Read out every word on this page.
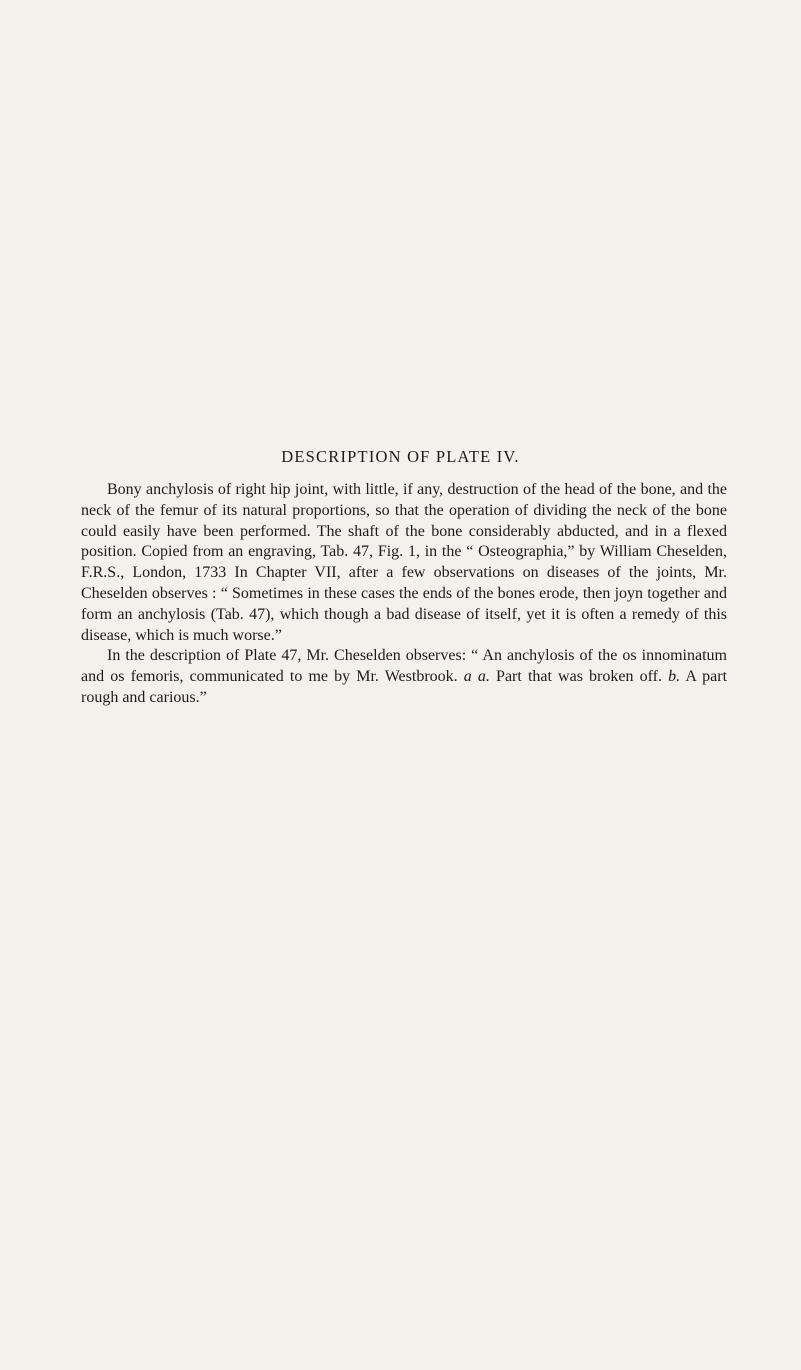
DESCRIPTION OF PLATE IV.

Bony anchylosis of right hip joint, with little, if any, destruction of the head of the bone, and the neck of the femur of its natural proportions, so that the operation of dividing the neck of the bone could easily have been performed. The shaft of the bone considerably abducted, and in a flexed position. Copied from an engraving, Tab. 47, Fig. 1, in the “ Osteographia,” by William Cheselden, F.R.S., London, 1733 In Chapter VII, after a few observations on diseases of the joints, Mr. Cheselden observes : “ Sometimes in these cases the ends of the bones erode, then joyn together and form an anchylosis (Tab. 47), which though a bad disease of itself, yet it is often a remedy of this disease, which is much worse.”

In the description of Plate 47, Mr. Cheselden observes: “ An anchylosis of the os innominatum and os femoris, communicated to me by Mr. Westbrook. a a. Part that was broken off. b. A part rough and carious.”
